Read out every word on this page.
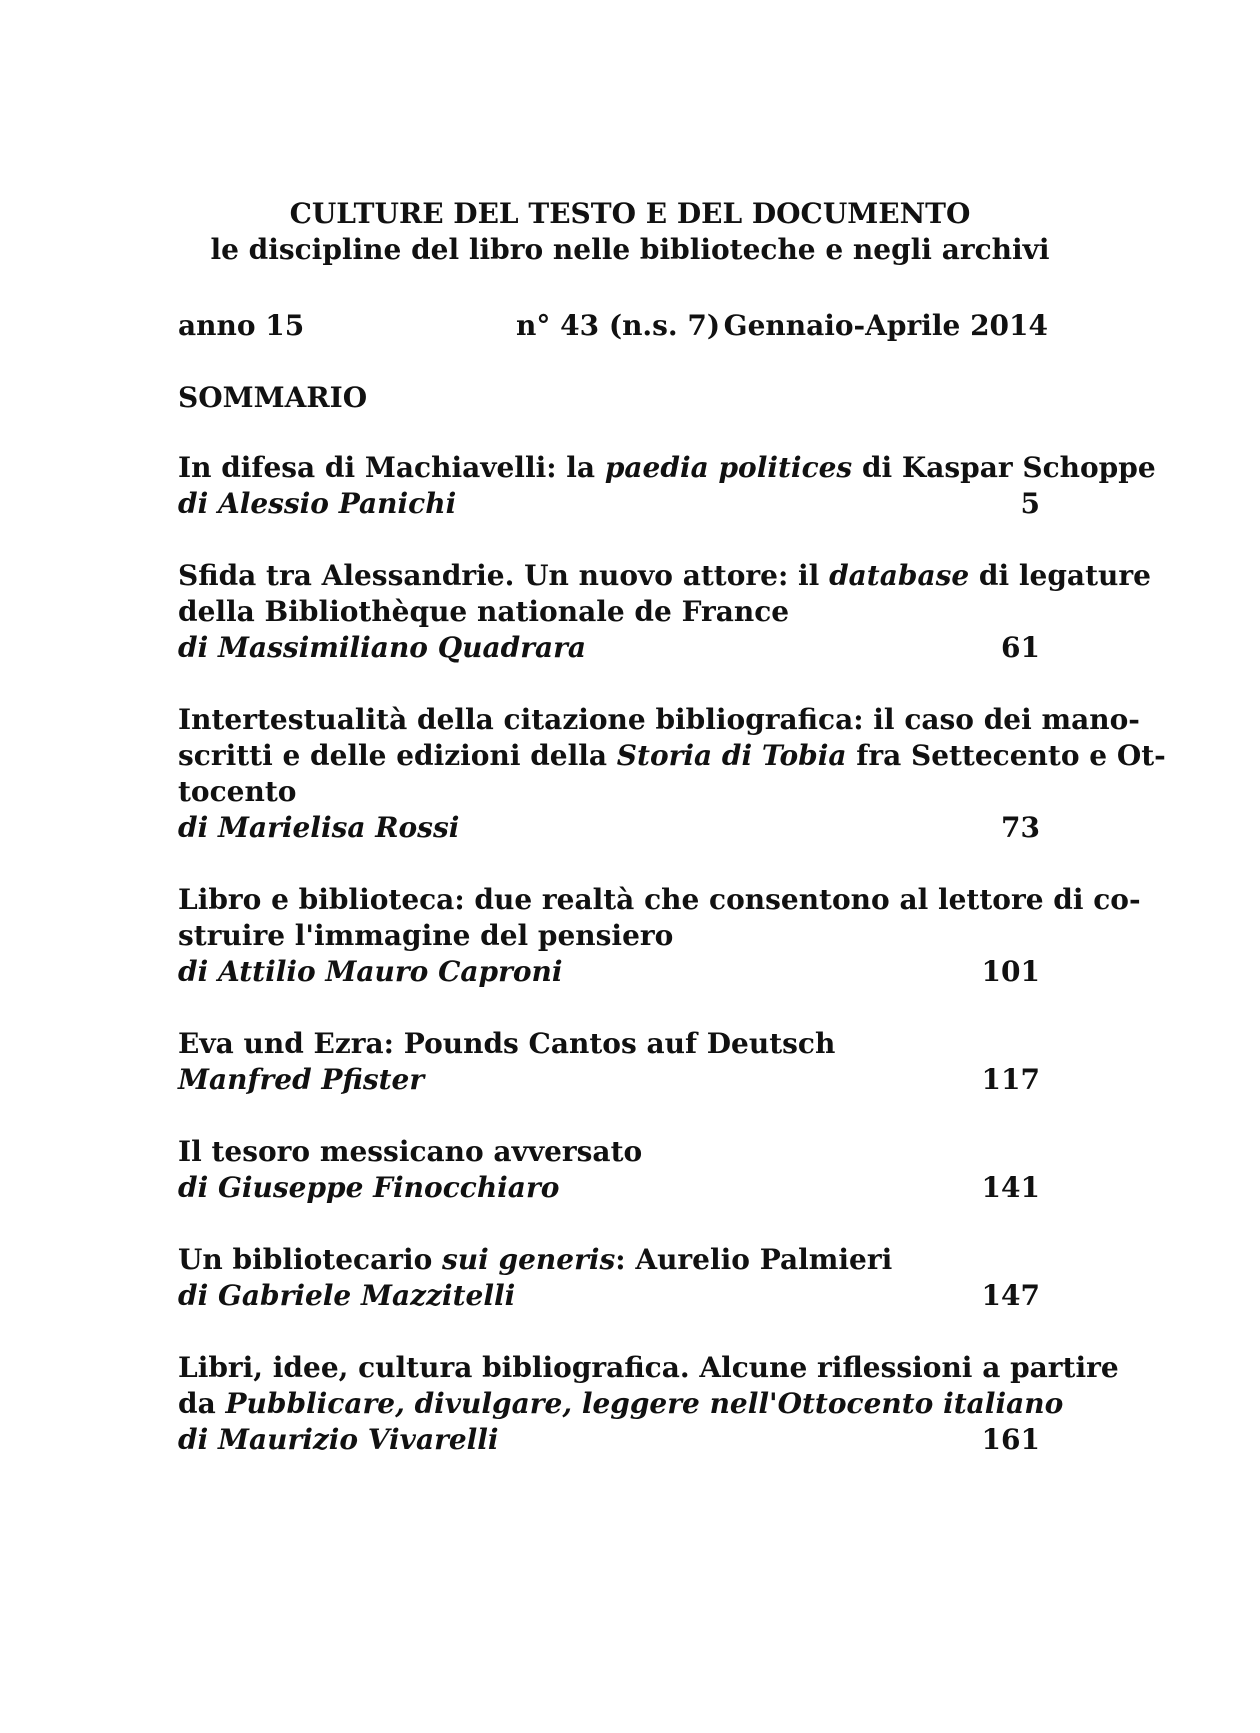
CULTURE DEL TESTO E DEL DOCUMENTO
le discipline del libro nelle biblioteche e negli archivi
anno 15	n° 43 (n.s. 7) Gennaio-Aprile 2014
SOMMARIO
In difesa di Machiavelli: la paedia politices di Kaspar Schoppe
di Alessio Panichi	5
Sfida tra Alessandrie. Un nuovo attore: il database di legature
della Bibliothèque nationale de France
di Massimiliano Quadrara	61
Intertestualità della citazione bibliografica: il caso dei mano-
scritti e delle edizioni della Storia di Tobia fra Settecento e Ot-
tocento
di Marielisa Rossi	73
Libro e biblioteca: due realtà che consentono al lettore di co-
struire l'immagine del pensiero
di Attilio Mauro Caproni	101
Eva und Ezra: Pounds Cantos auf Deutsch
Manfred Pfister	117
Il tesoro messicano avversato
di Giuseppe Finocchiaro	141
Un bibliotecario sui generis: Aurelio Palmieri
di Gabriele Mazzitelli	147
Libri, idee, cultura bibliografica. Alcune riflessioni a partire
da Pubblicare, divulgare, leggere nell'Ottocento italiano
di Maurizio Vivarelli	161
